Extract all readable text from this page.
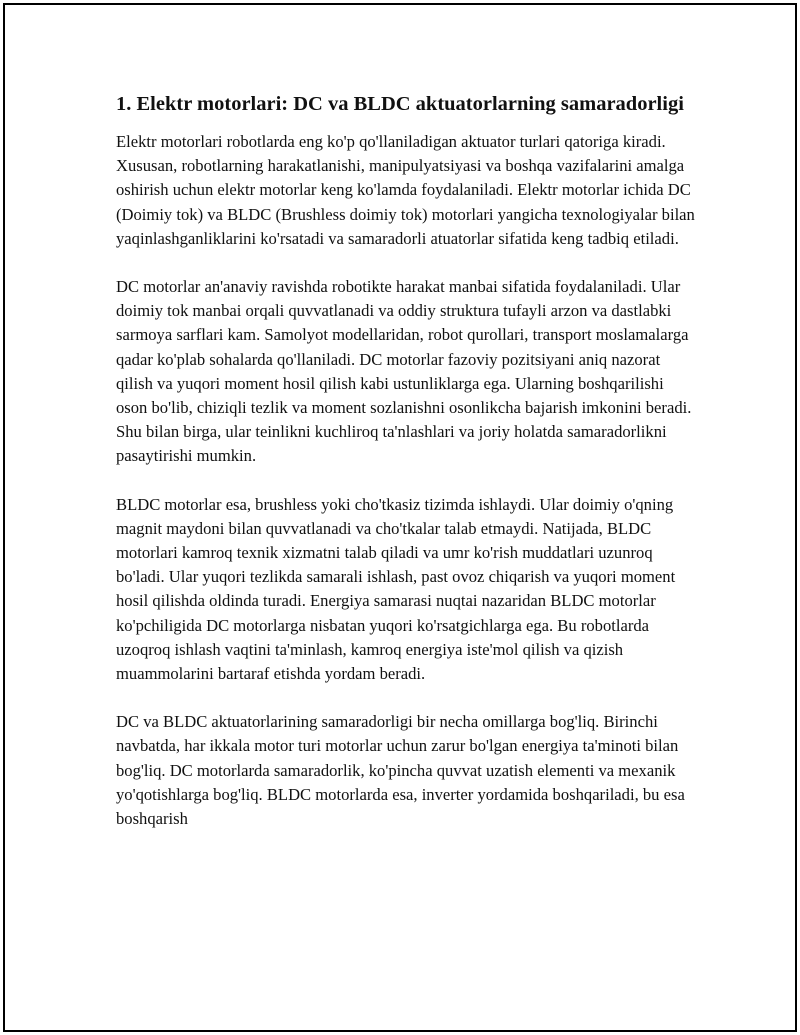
1. Elektr motorlari: DC va BLDC aktuatorlarning samaradorligi

Elektr motorlari robotlarda eng ko'p qo'llaniladigan aktuator turlari qatoriga kiradi. Xususan, robotlarning harakatlanishi, manipulyatsiyasi va boshqa vazifalarini amalga oshirish uchun elektr motorlar keng ko'lamda foydalaniladi. Elektr motorlar ichida DC (Doimiy tok) va BLDC (Brushless doimiy tok) motorlari yangicha texnologiyalar bilan yaqinlashganliklarini ko'rsatadi va samaradorli atuatorlar sifatida keng tadbiq etiladi.

DC motorlar an'anaviy ravishda robotikte harakat manbai sifatida foydalaniladi. Ular doimiy tok manbai orqali quvvatlanadi va oddiy struktura tufayli arzon va dastlabki sarmoya sarflari kam. Samolyot modellaridan, robot qurollari, transport moslamalarga qadar ko'plab sohalarda qo'llaniladi. DC motorlar fazoviy pozitsiyani aniq nazorat qilish va yuqori moment hosil qilish kabi ustunliklarga ega. Ularning boshqarilishi oson bo'lib, chiziqli tezlik va moment sozlanishni osonlikcha bajarish imkonini beradi. Shu bilan birga, ular teinlikni kuchliroq ta'nlashlari va joriy holatda samaradorlikni pasaytirishi mumkin.

BLDC motorlar esa, brushless yoki cho'tkasiz tizimda ishlaydi. Ular doimiy o'qning magnit maydoni bilan quvvatlanadi va cho'tkalar talab etmaydi. Natijada, BLDC motorlari kamroq texnik xizmatni talab qiladi va umr ko'rish muddatlari uzunroq bo'ladi. Ular yuqori tezlikda samarali ishlash, past ovoz chiqarish va yuqori moment hosil qilishda oldinda turadi. Energiya samarasi nuqtai nazaridan BLDC motorlar ko'pchiligida DC motorlarga nisbatan yuqori ko'rsatgichlarga ega. Bu robotlarda uzoqroq ishlash vaqtini ta'minlash, kamroq energiya iste'mol qilish va qizish muammolarini bartaraf etishda yordam beradi.

DC va BLDC aktuatorlarining samaradorligi bir necha omillarga bog'liq. Birinchi navbatda, har ikkala motor turi motorlar uchun zarur bo'lgan energiya ta'minoti bilan bog'liq. DC motorlarda samaradorlik, ko'pincha quvvat uzatish elementi va mexanik yo'qotishlarga bog'liq. BLDC motorlarda esa, inverter yordamida boshqariladi, bu esa boshqarish
